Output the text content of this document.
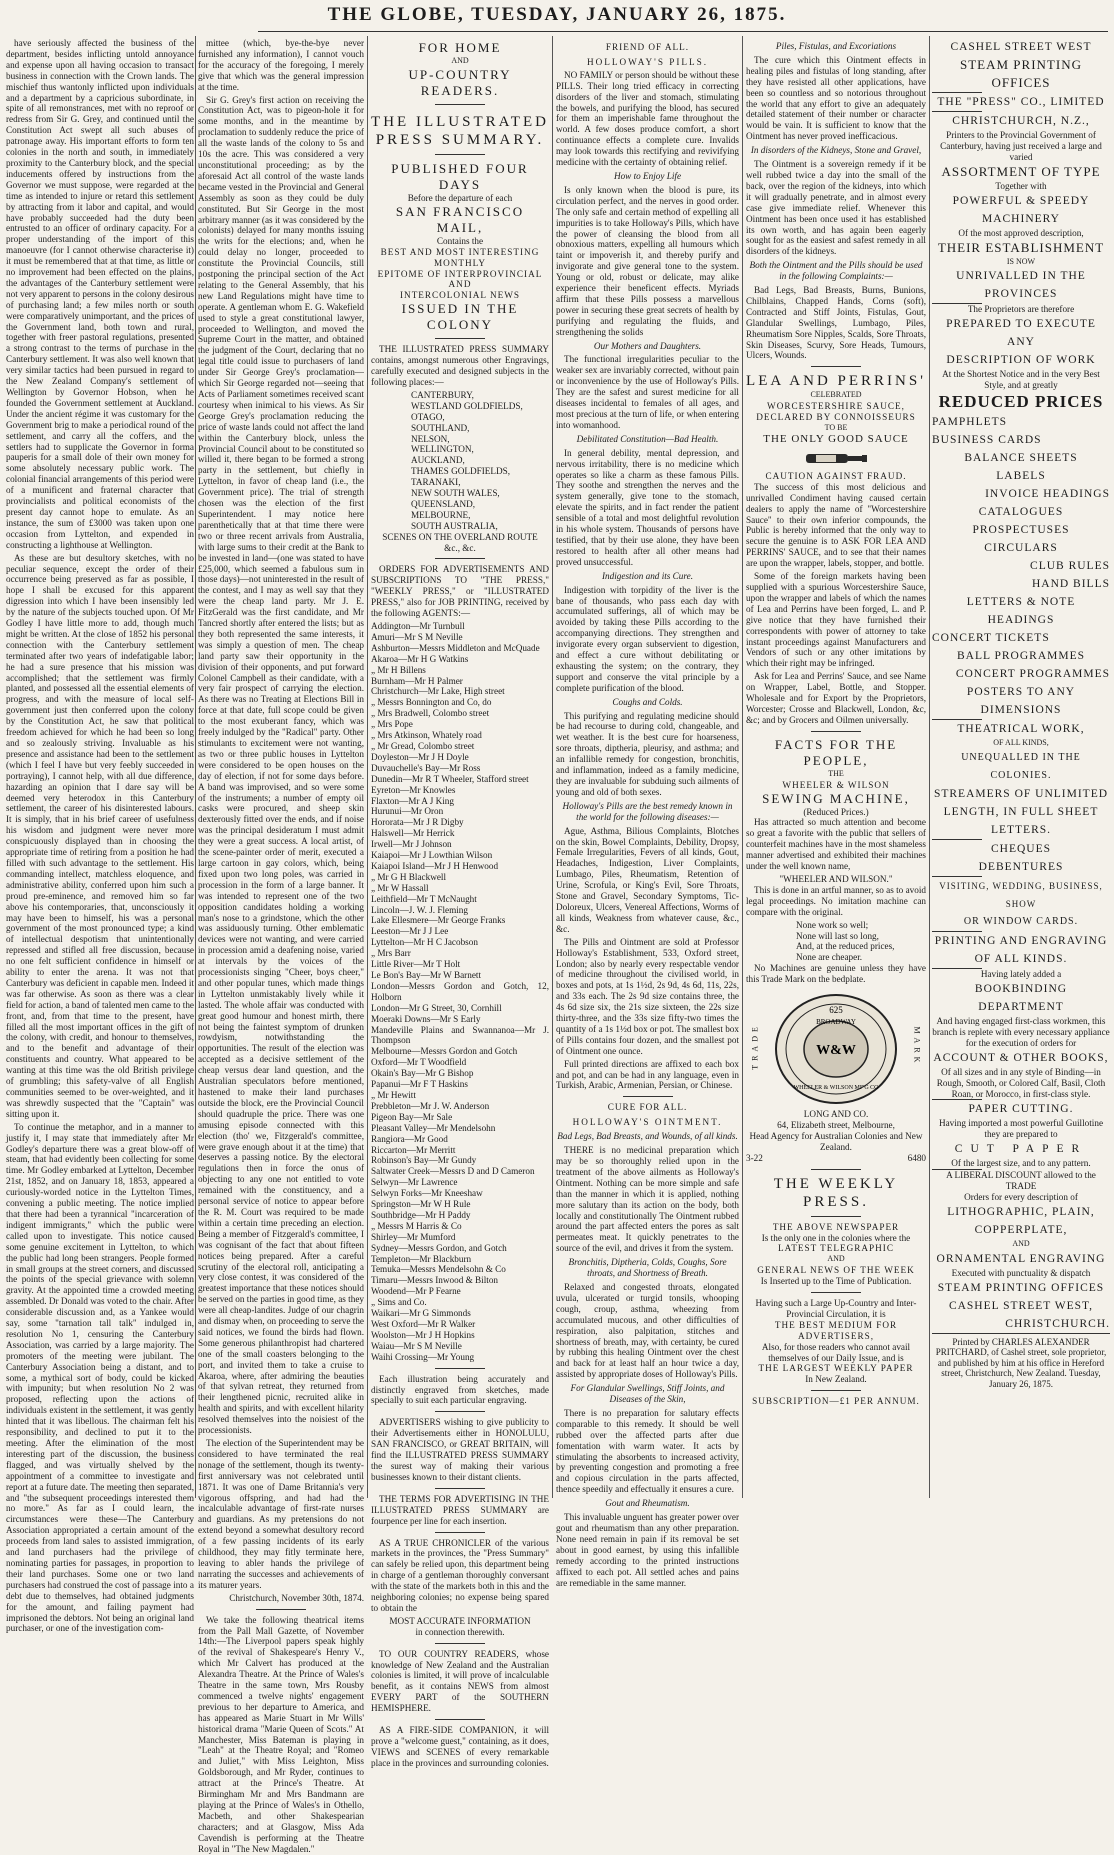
THE GLOBE, TUESDAY, JANUARY 26, 1875.

have seriously affected the business of the department, besides inflicting untold annoyance and expense upon all having occasion to transact business in connection with the Crown lands. The mischief thus wantonly inflicted upon individuals and a department by a capricious subordinate, in spite of all remonstrances, met with no reproof or redress from Sir G. Grey, and continued until the Constitution Act swept all such abuses of patronage away. His important efforts to form ten colonies in the north and south, in immediately proximity to the Canterbury block, and the special inducements offered by instructions from the Governor we must suppose, were regarded at the time as intended to injure or retard this settlement by attracting from it labor and capital, and would have probably succeeded had the duty been entrusted to an officer of ordinary capacity. For a proper understanding of the import of this manoeuvre (for I cannot otherwise characterise it) it must be remembered that at that time, as little or no improvement had been effected on the plains, the advantages of the Canterbury settlement were not very apparent to persons in the colony desirous of purchasing land; a few miles north or south were comparatively unimportant, and the prices of the Government land, both town and rural, together with freer pastoral regulations, presented a strong contrast to the terms of purchase in the Canterbury settlement. It was also well known that very similar tactics had been pursued in regard to the New Zealand Company's settlement of Wellington by Governor Hobson, when he founded the Government settlement at Auckland. Under the ancient régime it was customary for the Government brig to make a periodical round of the settlement, and carry all the coffers, and the settlers had to supplicate the Governor in forma pauperis for a small dole of their own money for some absolutely necessary public work. The colonial financial arrangements of this period were of a munificent and fraternal character that provincialists and political economists of the present day cannot hope to emulate. As an instance, the sum of £3000 was taken upon one occasion from Lyttelton, and expended in constructing a lighthouse at Wellington.

As these are but desultory sketches, with no peculiar sequence, except the order of their occurrence being preserved as far as possible, I hope I shall be excused for this apparent digression into which I have been insensibly led by the nature of the subjects touched upon. Of Mr Godley I have little more to add, though much might be written. At the close of 1852 his personal connection with the Canterbury settlement terminated after two years of indefatigable labor; he had a sure presence that his mission was accomplished; that the settlement was firmly planted, and possessed all the essential elements of progress, and with the measure of local self-government just then conferred upon the colony by the Constitution Act, he saw that political freedom achieved for which he had been so long and so zealously striving. Invaluable as his presence and assistance had been to the settlement (which I feel I have but very feebly succeeded in portraying), I cannot help, with all due difference, hazarding an opinion that I dare say will be deemed very heterodox in this Canterbury settlement, the career of his disinterested labours. It is simply, that in his brief career of usefulness his wisdom and judgment were never more conspicuously displayed than in choosing the appropriate time of retiring from a position he had filled with such advantage to the settlement. His commanding intellect, matchless eloquence, and administrative ability, conferred upon him such a proud pre-eminence, and removed him so far above his contemporaries, that, unconsciously it may have been to himself, his was a personal government of the most pronounced type; a kind of intellectual despotism that unintentionally repressed and stifled all free discussion, because no one felt sufficient confidence in himself or ability to enter the arena. It was not that Canterbury was deficient in capable men. Indeed it was far otherwise. As soon as there was a clear field for action, a band of talented men came to the front, and, from that time to the present, have filled all the most important offices in the gift of the colony, with credit, and honour to themselves, and to the benefit and advantage of their constituents and country. What appeared to be wanting at this time was the old British privilege of grumbling; this safety-valve of all English communities seemed to be over-weighted, and it was shrewdly suspected that the "Captain" was sitting upon it.

To continue the metaphor, and in a manner to justify it, I may state that immediately after Mr Godley's departure there was a great blow-off of steam, that had evidently been collecting for some time. Mr Godley embarked at Lyttelton, December 21st, 1852, and on January 18, 1853, appeared a curiously-worded notice in the Lyttelton Times, convening a public meeting. The notice implied that there had been a tyrannical "incarceration of indigent immigrants," which the public were called upon to investigate. This notice caused some genuine excitement in Lyttelton, to which the public had long been strangers. People formed in small groups at the street corners, and discussed the points of the special grievance with solemn gravity. At the appointed time a crowded meeting assembled. Dr Donald was voted to the chair. After considerable discussion and, as a Yankee would say, some "tarnation tall talk" indulged in, resolution No 1, censuring the Canterbury Association, was carried by a large majority. The promoters of the meeting were jubilant. The Canterbury Association being a distant, and to some, a mythical sort of body, could be kicked with impunity; but when resolution No 2 was proposed, reflecting upon the actions of individuals existent in the settlement, it was gently hinted that it was libellous. The chairman felt his responsibility, and declined to put it to the meeting. After the elimination of the most interesting part of the discussion, the business flagged, and was virtually shelved by the appointment of a committee to investigate and report at a future date. The meeting then separated, and "the subsequent proceedings interested them no more." As far as I could learn, the circumstances were these—The Canterbury Association appropriated a certain amount of the proceeds from land sales to assisted immigration, and land purchasers had the privilege of nominating parties for passages, in proportion to their land purchases. Some one or two land purchasers had construed the cost of passage into a debt due to themselves, had obtained judgments for the amount, and failing payment had imprisoned the debtors. Not being an original land purchaser, or one of the investigation com-

mittee (which, bye-the-bye never furnished any information), I cannot vouch for the accuracy of the foregoing, I merely give that which was the general impression at the time.

Sir G. Grey's first action on receiving the Constitution Act, was to pigeon-hole it for some months, and in the meantime by proclamation to suddenly reduce the price of all the waste lands of the colony to 5s and 10s the acre. This was considered a very unconstitutional proceeding; as by the aforesaid Act all control of the waste lands became vested in the Provincial and General Assembly as soon as they could be duly constituted. But Sir George in the most arbitrary manner (as it was considered by the colonists) delayed for many months issuing the writs for the elections; and, when he could delay no longer, proceeded to constitute the Provincial Councils, still postponing the principal section of the Act relating to the General Assembly, that his new Land Regulations might have time to operate. A gentleman whom E. G. Wakefield used to style a great constitutional lawyer, proceeded to Wellington, and moved the Supreme Court in the matter, and obtained the judgment of the Court, declaring that no legal title could issue to purchasers of land under Sir George Grey's proclamation—which Sir George regarded not—seeing that Acts of Parliament sometimes received scant courtesy when inimical to his views. As Sir George Grey's proclamation reducing the price of waste lands could not affect the land within the Canterbury block, unless the Provincial Council about to be constituted so willed it, there began to be formed a strong party in the settlement, but chiefly in Lyttelton, in favor of cheap land (i.e., the Government price). The trial of strength chosen was the election of the first Superintendent. I may notice here parenthetically that at that time there were two or three recent arrivals from Australia, with large sums to their credit at the Bank to be invested in land—(one was stated to have £25,000, which seemed a fabulous sum in those days)—not uninterested in the result of the contest, and I may as well say that they were the cheap land party. Mr J. E. FitzGerald was the first candidate, and Mr Tancred shortly after entered the lists; but as they both represented the same interests, it was simply a question of men. The cheap land party saw their opportunity in the division of their opponents, and put forward Colonel Campbell as their candidate, with a very fair prospect of carrying the election. As there was no Treating at Elections Bill in force at that date, full scope could be given to the most exuberant fancy, which was freely indulged by the "Radical" party. Other stimulants to excitement were not wanting, as two or three public houses in Lyttelton were considered to be open houses on the day of election, if not for some days before. A band was improvised, and so were some of the instruments; a number of empty oil casks were procured, and sheep skin dexterously fitted over the ends, and if noise was the principal desideratum I must admit they were a great success. A local artist, of the scene-painter order of merit, executed a large cartoon in gay colors, which, being fixed upon two long poles, was carried in procession in the form of a large banner. It was intended to represent one of the two opposition candidates holding a working man's nose to a grindstone, which the other was assiduously turning. Other emblematic devices were not wanting, and were carried in procession amid a deafening noise, varied at intervals by the voices of the processionists singing "Cheer, boys cheer," and other popular tunes, which made things in Lyttelton unmistakably lively while it lasted. The whole affair was conducted with great good humour and honest mirth, there not being the faintest symptom of drunken rowdyism, notwithstanding the opportunities. The result of the election was accepted as a decisive settlement of the cheap versus dear land question, and the Australian speculators before mentioned, hastened to make their land purchases outside the block, ere the Provincial Council should quadruple the price. There was one amusing episode connected with this election (tho' we, Fitzgerald's committee, were grave enough about it at the time) that deserves a passing notice. By the electoral regulations then in force the onus of objecting to any one not entitled to vote remained with the constituency, and a personal service of notice to appear before the R. M. Court was required to be made within a certain time preceding an election. Being a member of Fitzgerald's committee, I was cognisant of the fact that about fifteen notices being prepared. After a careful scrutiny of the electoral roll, anticipating a very close contest, it was considered of the greatest importance that these notices should be served on the parties in good time, as they were all cheap-landites. Judge of our chagrin and dismay when, on proceeding to serve the said notices, we found the birds had flown. Some generous philanthropist had chartered one of the small coasters belonging to the port, and invited them to take a cruise to Akaroa, where, after admiring the beauties of that sylvan retreat, they returned from their lengthened picnic, recruited alike in health and spirits, and with excellent hilarity resolved themselves into the noisiest of the processionists.

The election of the Superintendent may be considered to have terminated the real nonage of the settlement, though its twenty-first anniversary was not celebrated until 1871. It was one of Dame Britannia's very vigorous offspring, and had had the incalculable advantage of first-rate nurses and guardians. As my pretensions do not extend beyond a somewhat desultory record of a few passing incidents of its early childhood, they may fitly terminate here, leaving to abler hands the privilege of narrating the successes and achievements of its maturer years.

Christchurch, November 30th, 1874.

We take the following theatrical items from the Pall Mall Gazette, of November 14th:—The Liverpool papers speak highly of the revival of Shakespeare's Henry V., which Mr Calvert has produced at the Alexandra Theatre. At the Prince of Wales's Theatre in the same town, Mrs Rousby commenced a twelve nights' engagement previous to her departure to America, and has appeared as Marie Stuart in Mr Wills' historical drama "Marie Queen of Scots." At Manchester, Miss Bateman is playing in "Leah" at the Theatre Royal; and "Romeo and Juliet," with Miss Leighton, Miss Goldsborough, and Mr Ryder, continues to attract at the Prince's Theatre. At Birmingham Mr and Mrs Bandmann are playing at the Prince of Wales's in Othello, Macbeth, and other Shakespearian characters; and at Glasgow, Miss Ada Cavendish is performing at the Theatre Royal in "The New Magdalen."

FOR HOME
AND
UP-COUNTRY READERS.
THE ILLUSTRATED
PRESS SUMMARY.
PUBLISHED FOUR DAYS
Before the departure of each
SAN FRANCISCO MAIL,
Contains the
BEST AND MOST INTERESTING
MONTHLY
EPITOME OF INTERPROVINCIAL AND
INTERCOLONIAL NEWS
ISSUED IN THE COLONY

THE ILLUSTRATED PRESS SUMMARY contains, amongst numerous other Engravings, carefully executed and designed subjects in the following places:—

CANTERBURY,
WESTLAND GOLDFIELDS,
OTAGO,
SOUTHLAND,
NELSON,
WELLINGTON,
AUCKLAND,
THAMES GOLDFIELDS,
TARANAKI,
NEW SOUTH WALES,
QUEENSLAND,
MELBOURNE,
SOUTH AUSTRALIA,
SCENES ON THE OVERLAND ROUTE
&c., &c.

ORDERS FOR ADVERTISEMENTS AND SUBSCRIPTIONS TO "THE PRESS," "WEEKLY PRESS," or "ILLUSTRATED PRESS," also for JOB PRINTING, received by the following AGENTS:—

Addington—Mr Turnbull
Amuri—Mr S M Neville
Ashburton—Messrs Middleton and McQuade
Akaroa—Mr H G Watkins
„ Mr H Billens
Burnham—Mr H Palmer
Christchurch—Mr Lake, High street
„ Messrs Bonnington and Co, do
„ Mrs Bradwell, Colombo street
„ Mrs Pope
„ Mrs Atkinson, Whately road
„ Mr Gread, Colombo street
Doyleston—Mr J H Doyle
Duvauchelle's Bay—Mr Ross
Dunedin—Mr R T Wheeler, Stafford street
Eyreton—Mr Knowles
Flaxton—Mr A J King
Hurunui—Mr Oron
Hororata—Mr J R Digby
Halswell—Mr Herrick
Irwell—Mr J Johnson
Kaiapoi—Mr J Lowthian Wilson
Kaiapoi Island—Mr J H Henwood
„ Mr G H Blackwell
„ Mr W Hassall
Leithfield—Mr T McNaught
Lincoln—J. W. J. Fleming
Lake Ellesmere—Mr George Franks
Leeston—Mr J J Lee
Lyttelton—Mr H C Jacobson
„ Mrs Barr
Little River—Mr T Holt
Le Bon's Bay—Mr W Barnett
London—Messrs Gordon and Gotch, 12, Holborn
London—Mr G Street, 30, Cornhill
Moeraki Downs—Mr S Early
Mandeville Plains and Swannanoa—Mr J. Thompson
Melbourne—Messrs Gordon and Gotch
Oxford—Mr T Woodfield
Okain's Bay—Mr G Bishop
Papanui—Mr F T Haskins
„ Mr Hewitt
Prebbleton—Mr J. W. Anderson
Pigeon Bay—Mr Sale
Pleasant Valley—Mr Mendelsohn
Rangiora—Mr Good
Riccarton—Mr Merritt
Robinson's Bay—Mr Gundy
Saltwater Creek—Messrs D and D Cameron
Selwyn—Mr Lawrence
Selwyn Forks—Mr Kneeshaw
Springston—Mr W H Rule
Southbridge—Mr H Paddy
„ Messrs M Harris & Co
Shirley—Mr Mumford
Sydney—Messrs Gordon, and Gotch
Templeton—Mr Blackburn
Temuka—Messrs Mendelsohn & Co
Timaru—Messrs Inwood & Bilton
Woodend—Mr P Fearne
„ Sims and Co.
Waikari—Mr G Simmonds
West Oxford—Mr R Walker
Woolston—Mr J H Hopkins
Waiau—Mr S M Neville
Waihi Crossing—Mr Young

Each illustration being accurately and distinctly engraved from sketches, made specially to suit each particular engraving.

ADVERTISERS wishing to give publicity to their Advertisements either in HONOLULU, SAN FRANCISCO, or GREAT BRITAIN, will find the ILLUSTRATED PRESS SUMMARY the surest way of making their various businesses known to their distant clients.

THE TERMS FOR ADVERTISING IN THE ILLUSTRATED PRESS SUMMARY are fourpence per line for each insertion.

AS A TRUE CHRONICLER of the various markets in the provinces, the "Press Summary" can safely be relied upon, this department being in charge of a gentleman thoroughly conversant with the state of the markets both in this and the neighboring colonies; no expense being spared to obtain the

MOST ACCURATE INFORMATION
in connection therewith.

TO OUR COUNTRY READERS, whose knowledge of New Zealand and the Australian colonies is limited, it will prove of incalculable benefit, as it contains NEWS from almost EVERY PART of the SOUTHERN HEMISPHERE.

AS A FIRE-SIDE COMPANION, it will prove a "welcome guest," containing, as it does, VIEWS and SCENES of every remarkable place in the provinces and surrounding colonies.

FRIEND OF ALL.
HOLLOWAY'S PILLS.

NO FAMILY or person should be without these PILLS. Their long tried efficacy in correcting disorders of the liver and stomach, stimulating the bowels, and purifying the blood, has secured for them an imperishable fame throughout the world. A few doses produce comfort, a short continuance effects a complete cure. Invalids may look towards this rectifying and revivifying medicine with the certainty of obtaining relief.

How to Enjoy Life

Is only known when the blood is pure, its circulation perfect, and the nerves in good order. The only safe and certain method of expelling all impurities is to take Holloway's Pills, which have the power of cleansing the blood from all obnoxious matters, expelling all humours which taint or impoverish it, and thereby purify and invigorate and give general tone to the system. Young or old, robust or delicate, may alike experience their beneficent effects. Myriads affirm that these Pills possess a marvellous power in securing these great secrets of health by purifying and regulating the fluids, and strengthening the solids

Our Mothers and Daughters.

The functional irregularities peculiar to the weaker sex are invariably corrected, without pain or inconvenience by the use of Holloway's Pills. They are the safest and surest medicine for all diseases incidental to females of all ages, and most precious at the turn of life, or when entering into womanhood.

Debilitated Constitution—Bad Health.

In general debility, mental depression, and nervous irritability, there is no medicine which operates so like a charm as these famous Pills. They soothe and strengthen the nerves and the system generally, give tone to the stomach, elevate the spirits, and in fact render the patient sensible of a total and most delightful revolution in his whole system. Thousands of persons have testified, that by their use alone, they have been restored to health after all other means had proved unsuccessful.

Indigestion and its Cure.

Indigestion with torpidity of the liver is the bane of thousands, who pass each day with accumulated sufferings, all of which may be avoided by taking these Pills according to the accompanying directions. They strengthen and invigorate every organ subservient to digestion, and effect a cure without debilitating or exhausting the system; on the contrary, they support and conserve the vital principle by a complete purification of the blood.

Coughs and Colds.

This purifying and regulating medicine should be had recourse to during cold, changeable, and wet weather. It is the best cure for hoarseness, sore throats, diptheria, pleurisy, and asthma; and an infallible remedy for congestion, bronchitis, and inflammation, indeed as a family medicine, they are invaluable for subduing such ailments of young and old of both sexes.

Holloway's Pills are the best remedy known in the world for the following diseases:—

Ague, Asthma, Bilious Complaints, Blotches on the skin, Bowel Complaints, Debility, Dropsy, Female Irregularities, Fevers of all kinds, Gout, Headaches, Indigestion, Liver Complaints, Lumbago, Piles, Rheumatism, Retention of Urine, Scrofula, or King's Evil, Sore Throats, Stone and Gravel, Secondary Symptoms, Tic-Doloreux, Ulcers, Venereal Affections, Worms of all kinds, Weakness from whatever cause, &c., &c.

The Pills and Ointment are sold at Professor Holloway's Establishment, 533, Oxford street, London; also by nearly every respectable vendor of medicine throughout the civilised world, in boxes and pots, at 1s 1½d, 2s 9d, 4s 6d, 11s, 22s, and 33s each. The 2s 9d size contains three, the 4s 6d size six, the 21s size sixteen, the 22s size thirty-three, and the 33s size fifty-two times the quantity of a 1s 1½d box or pot. The smallest box of Pills contains four dozen, and the smallest pot of Ointment one ounce.

Full printed directions are affixed to each box and pot, and can be had in any language, even in Turkish, Arabic, Armenian, Persian, or Chinese.

CURE FOR ALL.
HOLLOWAY'S OINTMENT.
Bad Legs, Bad Breasts, and Wounds, of all kinds.

THERE is no medicinal preparation which may be so thoroughly relied upon in the treatment of the above ailments as Holloway's Ointment. Nothing can be more simple and safe than the manner in which it is applied, nothing more salutary than its action on the body, both locally and constitutionally The Ointment rubbed around the part affected enters the pores as salt permeates meat. It quickly penetrates to the source of the evil, and drives it from the system.

Bronchitis, Diptheria, Colds, Coughs, Sore throats, and Shortness of Breath.

Relaxed and congested throats, elongated uvula, ulcerated or turgid tonsils, whooping cough, croup, asthma, wheezing from accumulated mucous, and other difficulties of respiration, also palpitation, stitches and shortness of breath, may, with certainty, be cured by rubbing this healing Ointment over the chest and back for at least half an hour twice a day, assisted by appropriate doses of Holloway's Pills.

For Glandular Swellings, Stiff Joints, and Diseases of the Skin,

There is no preparation for salutary effects comparable to this remedy. It should be well rubbed over the affected parts after due fomentation with warm water. It acts by stimulating the absorbents to increased activity, by preventing congestion and promoting a free and copious circulation in the parts affected, thence speedily and effectually it ensures a cure.

Gout and Rheumatism.

This invaluable unguent has greater power over gout and rheumatism than any other preparation. None need remain in pain if its removal be set about in good earnest, by using this infallible remedy according to the printed instructions affixed to each pot. All settled aches and pains are remediable in the same manner.

Piles, Fistulas, and Excoriations

The cure which this Ointment effects in healing piles and fistulas of long standing, after they have resisted all other applications, have been so countless and so notorious throughout the world that any effort to give an adequately detailed statement of their number or character would be vain. It is sufficient to know that the Ointment has never proved inefficacious.

In disorders of the Kidneys, Stone and Gravel,

The Ointment is a sovereign remedy if it be well rubbed twice a day into the small of the back, over the region of the kidneys, into which it will gradually penetrate, and in almost every case give immediate relief. Whenever this Ointment has been once used it has established its own worth, and has again been eagerly sought for as the easiest and safest remedy in all disorders of the kidneys.

Both the Ointment and the Pills should be used in the following Complaints:—

Bad Legs, Bad Breasts, Burns, Bunions, Chilblains, Chapped Hands, Corns (soft), Contracted and Stiff Joints, Fistulas, Gout, Glandular Swellings, Lumbago, Piles, Rheumatism Sore Nipples, Scalds, Sore Throats, Skin Diseases, Scurvy, Sore Heads, Tumours, Ulcers, Wounds.

LEA AND PERRINS'
CELEBRATED
WORCESTERSHIRE SAUCE,
DECLARED BY CONNOISSEURS
TO BE
THE ONLY GOOD SAUCE
CAUTION AGAINST FRAUD.

The success of this most delicious and unrivalled Condiment having caused certain dealers to apply the name of "Worcestershire Sauce" to their own inferior compounds, the Public is hereby informed that the only way to secure the genuine is to ASK FOR LEA AND PERRINS' SAUCE, and to see that their names are upon the wrapper, labels, stopper, and bottle.

Some of the foreign markets having been supplied with a spurious Worcestershire Sauce, upon the wrapper and labels of which the names of Lea and Perrins have been forged, L. and P. give notice that they have furnished their correspondents with power of attorney to take instant proceedings against Manufacturers and Vendors of such or any other imitations by which their right may be infringed.

Ask for Lea and Perrins' Sauce, and see Name on Wrapper, Label, Bottle, and Stopper. Wholesale and for Export by the Proprietors, Worcester; Crosse and Blackwell, London, &c, &c; and by Grocers and Oilmen universally.

FACTS FOR THE PEOPLE,
THE
WHEELER & WILSON
SEWING MACHINE,
(Reduced Prices.)

Has attracted so much attention and become so great a favorite with the public that sellers of counterfeit machines have in the most shameless manner advertised and exhibited their machines under the well known name,

"WHEELER AND WILSON."

This is done in an artful manner, so as to avoid legal proceedings. No imitation machine can compare with the original.

None work so well;
None will last so long,
And, at the reduced prices,
None are cheaper.

No Machines are genuine unless they have this Trade Mark on the bedplate.

TRADE
625
BROADWAY
W&W
WHEELER & WILSON MF'G CO
MARK
LONG AND CO.
64, Elizabeth street, Melbourne,
Head Agency for Australian Colonies and New Zealand.
3-22	6480
THE WEEKLY PRESS.
THE ABOVE NEWSPAPER
Is the only one in the colonies where the
LATEST TELEGRAPHIC
AND
GENERAL NEWS OF THE WEEK
Is Inserted up to the Time of Publication.
Having such a Large Up-Country and Inter-Provincial Circulation, it is
THE BEST MEDIUM FOR ADVERTISERS,
Also, for those readers who cannot avail themselves of our Daily Issue, and is
THE LARGEST WEEKLY PAPER
In New Zealand.
SUBSCRIPTION—£1 PER ANNUM.
CASHEL STREET WEST
STEAM PRINTING OFFICES
THE "PRESS" CO., LIMITED
CHRISTCHURCH, N.Z.,
Printers to the Provincial Government of Canterbury, having just received a large and varied
ASSORTMENT OF TYPE
Together with
POWERFUL & SPEEDY MACHINERY
Of the most approved description,
THEIR ESTABLISHMENT
IS NOW
UNRIVALLED IN THE PROVINCES
The Proprietors are therefore
PREPARED TO EXECUTE ANY
DESCRIPTION OF WORK
At the Shortest Notice and in the very Best Style, and at greatly
REDUCED PRICES
PAMPHLETS
BUSINESS CARDS
BALANCE SHEETS
LABELS
INVOICE HEADINGS
CATALOGUES
PROSPECTUSES
CIRCULARS
CLUB RULES
HAND BILLS
LETTERS & NOTE HEADINGS
CONCERT TICKETS
BALL PROGRAMMES
CONCERT PROGRAMMES
POSTERS TO ANY DIMENSIONS
THEATRICAL WORK,
OF ALL KINDS,
UNEQUALLED IN THE COLONIES.
STREAMERS OF UNLIMITED
LENGTH, IN FULL SHEET
LETTERS.
CHEQUES
DEBENTURES
VISITING, WEDDING, BUSINESS, SHOW
OR WINDOW CARDS.
PRINTING AND ENGRAVING
OF ALL KINDS.
Having lately added a
BOOKBINDING DEPARTMENT
And having engaged first-class workmen, this branch is replete with every necessary appliance for the execution of orders for
ACCOUNT & OTHER BOOKS,
Of all sizes and in any style of Binding—in Rough, Smooth, or Colored Calf, Basil, Cloth Roan, or Morocco, in first-class style.
PAPER CUTTING.
Having imported a most powerful Guillotine they are prepared to
CUT PAPER
Of the largest size, and to any pattern.
A LIBERAL DISCOUNT allowed to the TRADE
Orders for every description of
LITHOGRAPHIC, PLAIN,
COPPERPLATE,
AND
ORNAMENTAL ENGRAVING
Executed with punctuality & dispatch
STEAM PRINTING OFFICES
CASHEL STREET WEST,
CHRISTCHURCH.
Printed by CHARLES ALEXANDER PRITCHARD, of Cashel street, sole proprietor, and published by him at his office in Hereford street, Christchurch, New Zealand. Tuesday, January 26, 1875.
